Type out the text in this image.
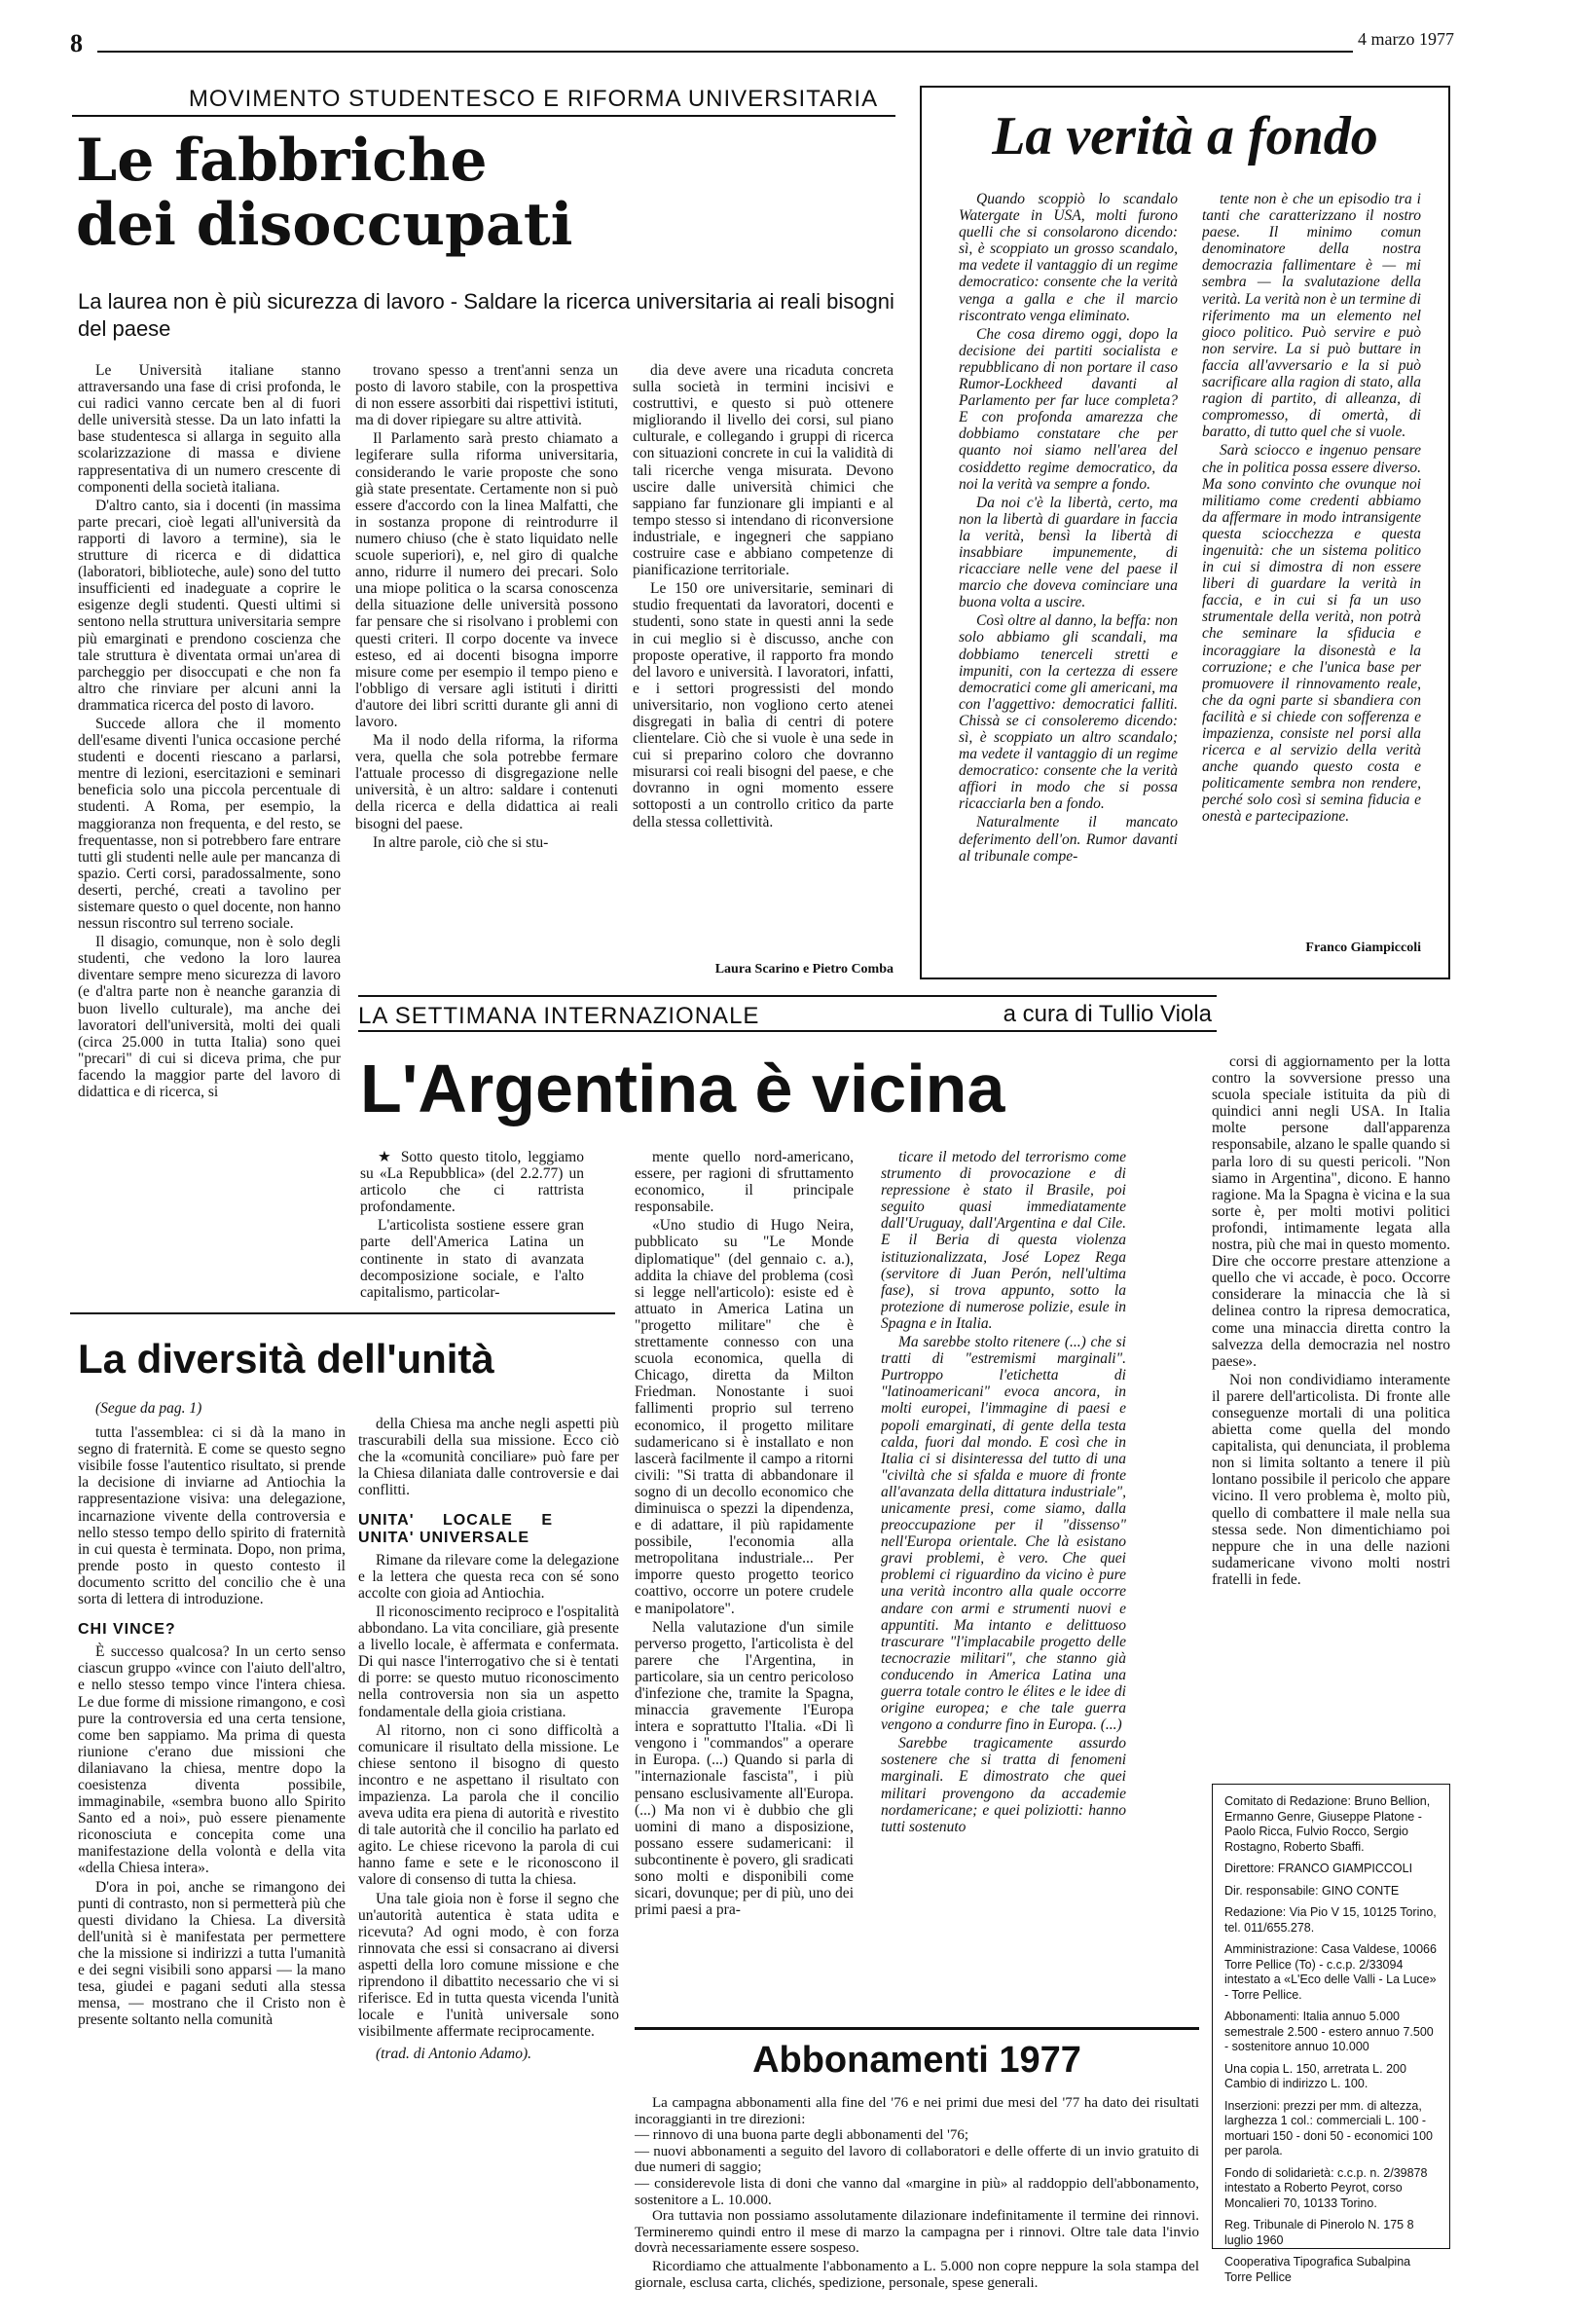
8	4 marzo 1977
MOVIMENTO STUDENTESCO E RIFORMA UNIVERSITARIA
Le fabbriche
dei disoccupati
La laurea non è più sicurezza di lavoro - Saldare la ricerca universitaria ai reali bisogni del paese

Le Università italiane stanno attraversando una fase di crisi profonda, le cui radici vanno cercate ben al di fuori delle università stesse. Da un lato infatti la base studentesca si allarga in seguito alla scolarizzazione di massa e diviene rappresentativa di un numero crescente di componenti della società italiana.

D'altro canto, sia i docenti (in massima parte precari, cioè legati all'università da rapporti di lavoro a termine), sia le strutture di ricerca e di didattica (laboratori, biblioteche, aule) sono del tutto insufficienti ed inadeguate a coprire le esigenze degli studenti. Questi ultimi si sentono nella struttura universitaria sempre più emarginati e prendono coscienza che tale struttura è diventata ormai un'area di parcheggio per disoccupati e che non fa altro che rinviare per alcuni anni la drammatica ricerca del posto di lavoro.

Succede allora che il momento dell'esame diventi l'unica occasione perché studenti e docenti riescano a parlarsi, mentre di lezioni, esercitazioni e seminari beneficia solo una piccola percentuale di studenti. A Roma, per esempio, la maggioranza non frequenta, e del resto, se frequentasse, non si potrebbero fare entrare tutti gli studenti nelle aule per mancanza di spazio. Certi corsi, paradossalmente, sono deserti, perché, creati a tavolino per sistemare questo o quel docente, non hanno nessun riscontro sul terreno sociale.

Il disagio, comunque, non è solo degli studenti, che vedono la loro laurea diventare sempre meno sicurezza di lavoro (e d'altra parte non è neanche garanzia di buon livello culturale), ma anche dei lavoratori dell'università, molti dei quali (circa 25.000 in tutta Italia) sono quei "precari" di cui si diceva prima, che pur facendo la maggior parte del lavoro di didattica e di ricerca, si

trovano spesso a trent'anni senza un posto di lavoro stabile, con la prospettiva di non essere assorbiti dai rispettivi istituti, ma di dover ripiegare su altre attività.

Il Parlamento sarà presto chiamato a legiferare sulla riforma universitaria, considerando le varie proposte che sono già state presentate. Certamente non si può essere d'accordo con la linea Malfatti, che in sostanza propone di reintrodurre il numero chiuso (che è stato liquidato nelle scuole superiori), e, nel giro di qualche anno, ridurre il numero dei precari. Solo una miope politica o la scarsa conoscenza della situazione delle università possono far pensare che si risolvano i problemi con questi criteri. Il corpo docente va invece esteso, ed ai docenti bisogna imporre misure come per esempio il tempo pieno e l'obbligo di versare agli istituti i diritti d'autore dei libri scritti durante gli anni di lavoro.

Ma il nodo della riforma, la riforma vera, quella che sola potrebbe fermare l'attuale processo di disgregazione nelle università, è un altro: saldare i contenuti della ricerca e della didattica ai reali bisogni del paese.

In altre parole, ciò che si stu-

dia deve avere una ricaduta concreta sulla società in termini incisivi e costruttivi, e questo si può ottenere migliorando il livello dei corsi, sul piano culturale, e collegando i gruppi di ricerca con situazioni concrete in cui la validità di tali ricerche venga misurata. Devono uscire dalle università chimici che sappiano far funzionare gli impianti e al tempo stesso si intendano di riconversione industriale, e ingegneri che sappiano costruire case e abbiano competenze di pianificazione territoriale.

Le 150 ore universitarie, seminari di studio frequentati da lavoratori, docenti e studenti, sono state in questi anni la sede in cui meglio si è discusso, anche con proposte operative, il rapporto fra mondo del lavoro e università. I lavoratori, infatti, e i settori progressisti del mondo universitario, non vogliono certo atenei disgregati in balìa di centri di potere clientelare. Ciò che si vuole è una sede in cui si preparino coloro che dovranno misurarsi coi reali bisogni del paese, e che dovranno in ogni momento essere sottoposti a un controllo critico da parte della stessa collettività.

Laura Scarino e Pietro Comba
La verità a fondo

Quando scoppiò lo scandalo Watergate in USA, molti furono quelli che si consolarono dicendo: sì, è scoppiato un grosso scandalo, ma vedete il vantaggio di un regime democratico: consente che la verità venga a galla e che il marcio riscontrato venga eliminato.

Che cosa diremo oggi, dopo la decisione dei partiti socialista e repubblicano di non portare il caso Rumor-Lockheed davanti al Parlamento per far luce completa? E con profonda amarezza che dobbiamo constatare che per quanto noi siamo nell'area del cosiddetto regime democratico, da noi la verità va sempre a fondo.

Da noi c'è la libertà, certo, ma non la libertà di guardare in faccia la verità, bensì la libertà di insabbiare impunemente, di ricacciare nelle vene del paese il marcio che doveva cominciare una buona volta a uscire.

Così oltre al danno, la beffa: non solo abbiamo gli scandali, ma dobbiamo tenerceli stretti e impuniti, con la certezza di essere democratici come gli americani, ma con l'aggettivo: democratici falliti. Chissà se ci consoleremo dicendo: sì, è scoppiato un altro scandalo; ma vedete il vantaggio di un regime democratico: consente che la verità affiori in modo che si possa ricacciarla ben a fondo.

Naturalmente il mancato deferimento dell'on. Rumor davanti al tribunale compe-

tente non è che un episodio tra i tanti che caratterizzano il nostro paese. Il minimo comun denominatore della nostra democrazia fallimentare è — mi sembra — la svalutazione della verità. La verità non è un termine di riferimento ma un elemento nel gioco politico. Può servire e può non servire. La si può buttare in faccia all'avversario e la si può sacrificare alla ragion di stato, alla ragion di partito, di alleanza, di compromesso, di omertà, di baratto, di tutto quel che si vuole.

Sarà sciocco e ingenuo pensare che in politica possa essere diverso. Ma sono convinto che ovunque noi militiamo come credenti abbiamo da affermare in modo intransigente questa sciocchezza e questa ingenuità: che un sistema politico in cui si dimostra di non essere liberi di guardare la verità in faccia, e in cui si fa un uso strumentale della verità, non potrà che seminare la sfiducia e incoraggiare la disonestà e la corruzione; e che l'unica base per promuovere il rinnovamento reale, che da ogni parte si sbandiera con facilità e si chiede con sofferenza e impazienza, consiste nel porsi alla ricerca e al servizio della verità anche quando questo costa e politicamente sembra non rendere, perché solo così si semina fiducia e onestà e partecipazione.

Franco Giampiccoli
LA SETTIMANA INTERNAZIONALE	a cura di Tullio Viola
L'Argentina è vicina

★ Sotto questo titolo, leggiamo su «La Repubblica» (del 2.2.77) un articolo che ci rattrista profondamente.

L'articolista sostiene essere gran parte dell'America Latina un continente in stato di avanzata decomposizione sociale, e l'alto capitalismo, particolar-

mente quello nord-americano, essere, per ragioni di sfruttamento economico, il principale responsabile.

«Uno studio di Hugo Neira, pubblicato su "Le Monde diplomatique" (del gennaio c. a.), addita la chiave del problema (così si legge nell'articolo): esiste ed è attuato in America Latina un "progetto militare" che è strettamente connesso con una scuola economica, quella di Chicago, diretta da Milton Friedman. Nonostante i suoi fallimenti proprio sul terreno economico, il progetto militare sudamericano si è installato e non lascerà facilmente il campo a ritorni civili: "Si tratta di abbandonare il sogno di un decollo economico che diminuisca o spezzi la dipendenza, e di adattare, il più rapidamente possibile, l'economia alla metropolitana industriale... Per imporre questo progetto teorico coattivo, occorre un potere crudele e manipolatore".

Nella valutazione d'un simile perverso progetto, l'articolista è del parere che l'Argentina, in particolare, sia un centro pericoloso d'infezione che, tramite la Spagna, minaccia gravemente l'Europa intera e soprattutto l'Italia. «Di lì vengono i "commandos" a operare in Europa. (...) Quando si parla di "internazionale fascista", i più pensano esclusivamente all'Europa. (...) Ma non vi è dubbio che gli uomini di mano a disposizione, possano essere sudamericani: il subcontinente è povero, gli sradicati sono molti e disponibili come sicari, dovunque; per di più, uno dei primi paesi a pra-

ticare il metodo del terrorismo come strumento di provocazione e di repressione è stato il Brasile, poi seguito quasi immediatamente dall'Uruguay, dall'Argentina e dal Cile. E il Beria di questa violenza istituzionalizzata, José Lopez Rega (servitore di Juan Perón, nell'ultima fase), si trova appunto, sotto la protezione di numerose polizie, esule in Spagna e in Italia.

Ma sarebbe stolto ritenere (...) che si tratti di "estremismi marginali". Purtroppo l'etichetta di "latinoamericani" evoca ancora, in molti europei, l'immagine di paesi e popoli emarginati, di gente della testa calda, fuori dal mondo. E così che in Italia ci si disinteressa del tutto di una "civiltà che si sfalda e muore di fronte all'avanzata della dittatura industriale", unicamente presi, come siamo, dalla preoccupazione per il "dissenso" nell'Europa orientale. Che là esistano gravi problemi, è vero. Che quei problemi ci riguardino da vicino è pure una verità incontro alla quale occorre andare con armi e strumenti nuovi e appuntiti. Ma intanto e delittuoso trascurare "l'implacabile progetto delle tecnocrazie militari", che stanno già conducendo in America Latina una guerra totale contro le élites e le idee di origine europea; e che tale guerra vengono a condurre fino in Europa. (...)

Sarebbe tragicamente assurdo sostenere che si tratta di fenomeni marginali. E dimostrato che quei militari provengono da accademie nordamericane; e quei poliziotti: hanno tutti sostenuto

corsi di aggiornamento per la lotta contro la sovversione presso una scuola speciale istituita da più di quindici anni negli USA. In Italia molte persone dall'apparenza responsabile, alzano le spalle quando si parla loro di su questi pericoli. "Non siamo in Argentina", dicono. E hanno ragione. Ma la Spagna è vicina e la sua sorte è, per molti motivi politici profondi, intimamente legata alla nostra, più che mai in questo momento. Dire che occorre prestare attenzione a quello che vi accade, è poco. Occorre considerare la minaccia che là si delinea contro la ripresa democratica, come una minaccia diretta contro la salvezza della democrazia nel nostro paese».

Noi non condividiamo interamente il parere dell'articolista. Di fronte alle conseguenze mortali di una politica abietta come quella del mondo capitalista, qui denunciata, il problema non si limita soltanto a tenere il più lontano possibile il pericolo che appare vicino. Il vero problema è, molto più, quello di combattere il male nella sua stessa sede. Non dimentichiamo poi neppure che in una delle nazioni sudamericane vivono molti nostri fratelli in fede.

La diversità dell'unità
(Segue da pag. 1)

tutta l'assemblea: ci si dà la mano in segno di fraternità. E come se questo segno visibile fosse l'autentico risultato, si prende la decisione di inviarne ad Antiochia la rappresentazione visiva: una delegazione, incarnazione vivente della controversia e nello stesso tempo dello spirito di fraternità in cui questa è terminata. Dopo, non prima, prende posto in questo contesto il documento scritto del concilio che è una sorta di lettera di introduzione.

CHI VINCE?

È successo qualcosa? In un certo senso ciascun gruppo «vince con l'aiuto dell'altro, e nello stesso tempo vince l'intera chiesa. Le due forme di missione rimangono, e così pure la controversia ed una certa tensione, come ben sappiamo. Ma prima di questa riunione c'erano due missioni che dilaniavano la chiesa, mentre dopo la coesistenza diventa possibile, immaginabile, «sembra buono allo Spirito Santo ed a noi», può essere pienamente riconosciuta e concepita come una manifestazione della volontà e della vita «della Chiesa intera».

D'ora in poi, anche se rimangono dei punti di contrasto, non si permetterà più che questi dividano la Chiesa. La diversità dell'unità si è manifestata per permettere che la missione si indirizzi a tutta l'umanità e dei segni visibili sono apparsi — la mano tesa, giudei e pagani seduti alla stessa mensa, — mostrano che il Cristo non è presente soltanto nella comunità

della Chiesa ma anche negli aspetti più trascurabili della sua missione. Ecco ciò che la «comunità conciliare» può fare per la Chiesa dilaniata dalle controversie e dai conflitti.

UNITA' LOCALE E UNITA' UNIVERSALE

Rimane da rilevare come la delegazione e la lettera che questa reca con sé sono accolte con gioia ad Antiochia.

Il riconoscimento reciproco e l'ospitalità abbondano. La vita conciliare, già presente a livello locale, è affermata e confermata. Di qui nasce l'interrogativo che si è tentati di porre: se questo mutuo riconoscimento nella controversia non sia un aspetto fondamentale della gioia cristiana.

Al ritorno, non ci sono difficoltà a comunicare il risultato della missione. Le chiese sentono il bisogno di questo incontro e ne aspettano il risultato con impazienza. La parola che il concilio aveva udita era piena di autorità e rivestito di tale autorità che il concilio ha parlato ed agito. Le chiese ricevono la parola di cui hanno fame e sete e le riconoscono il valore di consenso di tutta la chiesa.

Una tale gioia non è forse il segno che un'autorità autentica è stata udita e ricevuta? Ad ogni modo, è con forza rinnovata che essi si consacrano ai diversi aspetti della loro comune missione e che riprendono il dibattito necessario che vi si riferisce. Ed in tutta questa vicenda l'unità locale e l'unità universale sono visibilmente affermate reciprocamente.

(trad. di Antonio Adamo).	Abbonamenti 1977

La campagna abbonamenti alla fine del '76 e nei primi due mesi del '77 ha dato dei risultati incoraggianti in tre direzioni:

— rinnovo di una buona parte degli abbonamenti del '76;
— nuovi abbonamenti a seguito del lavoro di collaboratori e delle offerte di un invio gratuito di due numeri di saggio;
— considerevole lista di doni che vanno dal «margine in più» al raddoppio dell'abbonamento, sostenitore a L. 10.000.

Ora tuttavia non possiamo assolutamente dilazionare indefinitamente il termine dei rinnovi. Termineremo quindi entro il mese di marzo la campagna per i rinnovi. Oltre tale data l'invio dovrà necessariamente essere sospeso.

Ricordiamo che attualmente l'abbonamento a L. 5.000 non copre neppure la sola stampa del giornale, esclusa carta, clichés, spedizione, personale, spese generali.

Comitato di Redazione: Bruno Bellion, Ermanno Genre, Giuseppe Platone - Paolo Ricca, Fulvio Rocco, Sergio Rostagno, Roberto Sbaffi.
Direttore: FRANCO GIAMPICCOLI
Dir. responsabile: GINO CONTE
Redazione: Via Pio V 15, 10125 Torino, tel. 011/655.278.
Amministrazione: Casa Valdese, 10066 Torre Pellice (To) - c.c.p. 2/33094 intestato a «L'Eco delle Valli - La Luce» - Torre Pellice.
Abbonamenti: Italia annuo 5.000 semestrale 2.500 - estero annuo 7.500 - sostenitore annuo 10.000
Una copia L. 150, arretrata L. 200 Cambio di indirizzo L. 100.
Inserzioni: prezzi per mm. di altezza, larghezza 1 col.: commerciali L. 100 - mortuari 150 - doni 50 - economici 100 per parola.
Fondo di solidarietà: c.c.p. n. 2/39878 intestato a Roberto Peyrot, corso Moncalieri 70, 10133 Torino.
Reg. Tribunale di Pinerolo N. 175 8 luglio 1960
Cooperativa Tipografica Subalpina Torre Pellice
